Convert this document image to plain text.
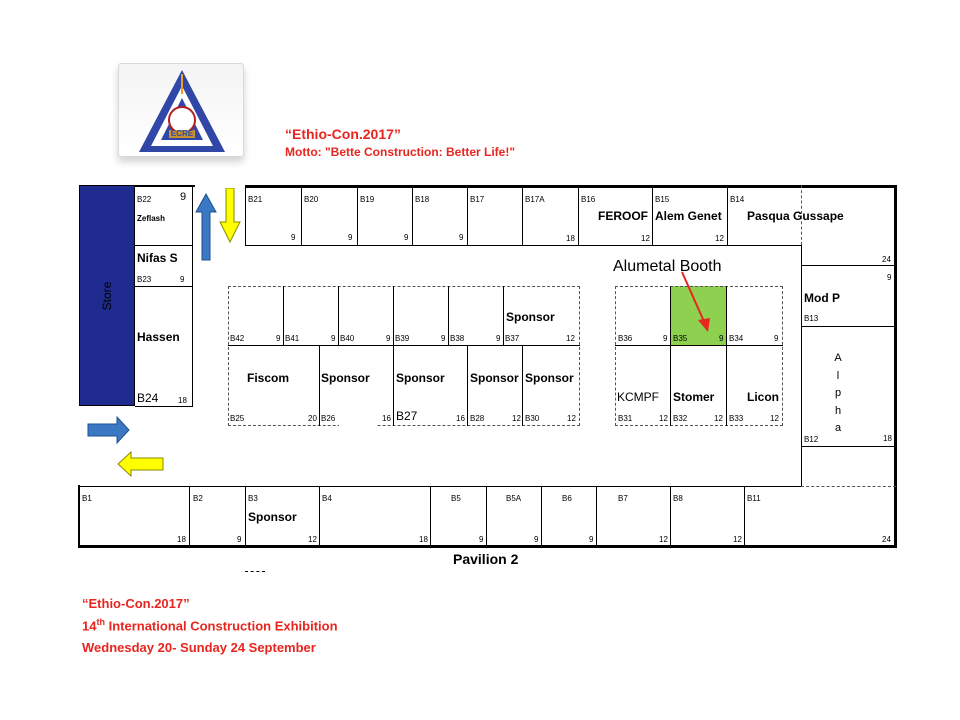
ECRE	“Ethio-Con.2017”
Motto: "Bette Construction: Better Life!"
Store
B22	9
Zeflash
Nifas S
B23	9
Hassen
B24 18
B21
9
B20
9
B19
9
B18
9
B17	B17A
18
B16
FEROOF
12
B15
Alem Genet
12
B14
Pasqua Gussape
24
9
Mod P
B13
A
l
p
h
a
B12	18
B1
18
B2
9
B3
Sponsor
12
B4
18
B5
9
B5A
9
B6
9
B7
12
B8
12
B11
24
Pavilion 2
B42	9 B41	9 B40	9 B39	9 B38	9 B37
Sponsor
12
Fiscom
B25	20
Sponsor
B26	16
Sponsor
B27	16
Sponsor
B28	12
Sponsor
B30	12
Alumetal Booth
B36	9 B35	9 B34	9
KCMPF
B31	12
Stomer
B32	12
Licon
B33	12
“Ethio-Con.2017”
14th International Construction Exhibition
Wednesday 20- Sunday 24 September
